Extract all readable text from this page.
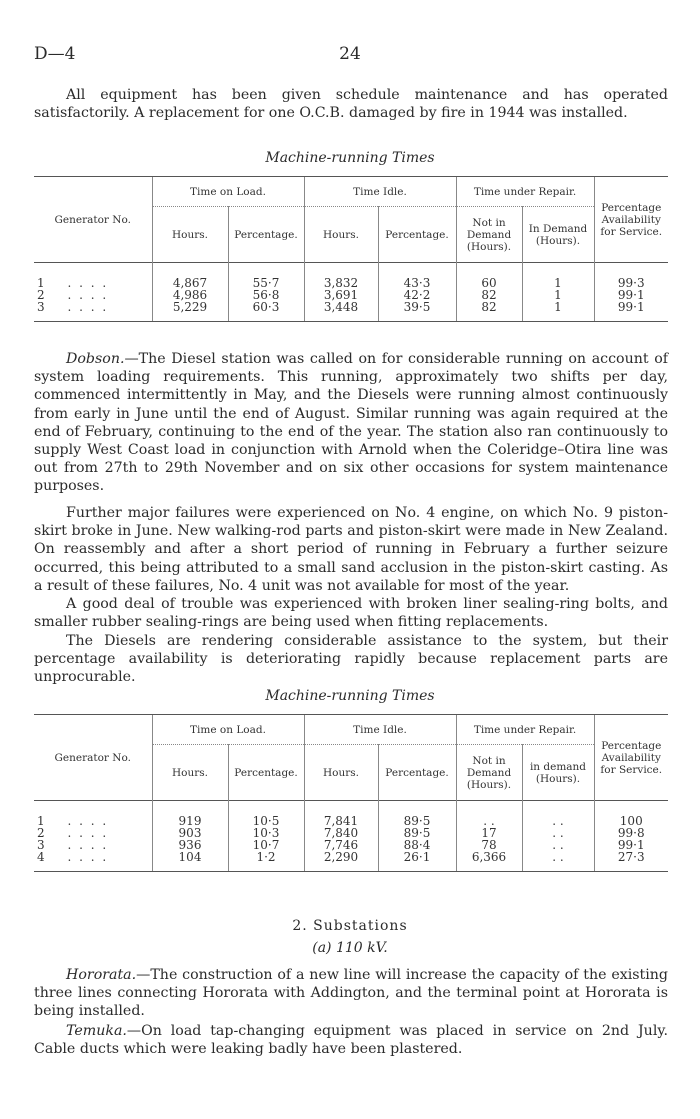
D—4	24

All equipment has been given schedule maintenance and has operated satisfactorily. A replacement for one O.C.B. damaged by fire in 1944 was installed.

Machine-running Times
Generator No.	Time on Load.		Time Idle.		Time under Repair.		Percentage Availability for Service.
	Hours.	Percentage.	Hours.	Percentage.	Not in Demand (Hours).	In Demand (Hours).	
1 . . . .	4,867	55·7	3,832	43·3	60	1	99·3
2 . . . .	4,986	56·8	3,691	42·2	82	1	99·1
3 . . . .	5,229	60·3	3,448	39·5	82	1	99·1

Dobson.—The Diesel station was called on for considerable running on account of system loading requirements. This running, approximately two shifts per day, commenced intermittently in May, and the Diesels were running almost continuously from early in June until the end of August. Similar running was again required at the end of February, continuing to the end of the year. The station also ran continuously to supply West Coast load in conjunction with Arnold when the Coleridge–Otira line was out from 27th to 29th November and on six other occasions for system maintenance purposes.

Further major failures were experienced on No. 4 engine, on which No. 9 piston-skirt broke in June. New walking-rod parts and piston-skirt were made in New Zealand. On reassembly and after a short period of running in February a further seizure occurred, this being attributed to a small sand acclusion in the piston-skirt casting. As a result of these failures, No. 4 unit was not available for most of the year.

A good deal of trouble was experienced with broken liner sealing-ring bolts, and smaller rubber sealing-rings are being used when fitting replacements.

The Diesels are rendering considerable assistance to the system, but their percentage availability is deteriorating rapidly because replacement parts are unprocurable.

Machine-running Times
Generator No.	Time on Load.		Time Idle.		Time under Repair.		Percentage Availability for Service.
	Hours.	Percentage.	Hours.	Percentage.	Not in Demand (Hours).	in demand (Hours).	
1 . . . .	919	10·5	7,841	89·5	. .	. .	100
2 . . . .	903	10·3	7,840	89·5	17	. .	99·8
3 . . . .	936	10·7	7,746	88·4	78	. .	99·1
4 . . . .	104	1·2	2,290	26·1	6,366	. .	27·3
2. Substations
(a) 110 kV.

Hororata.—The construction of a new line will increase the capacity of the existing three lines connecting Hororata with Addington, and the terminal point at Hororata is being installed.

Temuka.—On load tap-changing equipment was placed in service on 2nd July. Cable ducts which were leaking badly have been plastered.
